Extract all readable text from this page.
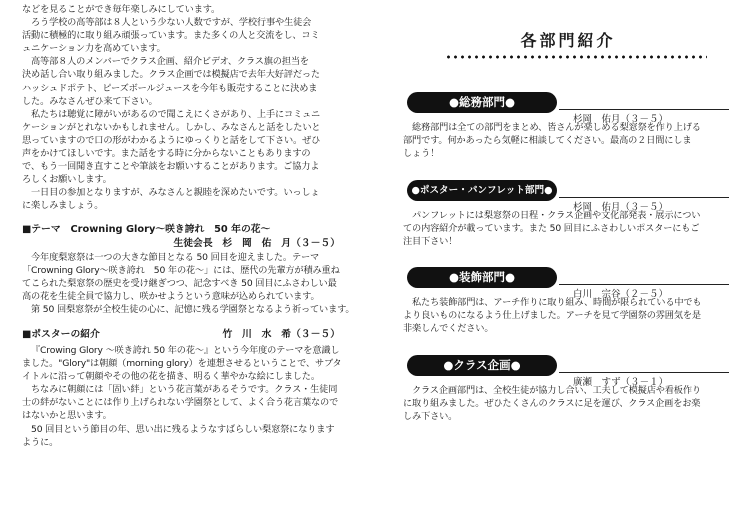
などを見ることができ毎年楽しみにしています。

ろう学校の高等部は８人という少ない人数ですが、学校行事や生徒会

活動に積極的に取り組み頑張っています。また多くの人と交流をし、コミ

ュニケーション力を高めています。

高等部８人のメンバーでクラス企画、紹介ビデオ、クラス旗の担当を

決め話し合い取り組みました。クラス企画では模擬店で去年大好評だった

ハッシュドポテト、ピーズボールジュースを今年も販売することに決めま

した。みなさんぜひ来て下さい。

私たちは聴覚に障がいがあるので聞こえにくさがあり、上手にコミュニ

ケーションがとれないかもしれません。しかし、みなさんと話をしたいと

思っていますので口の形がわかるようにゆっくりと話をして下さい。ぜひ

声をかけてほしいです。また話をする時に分からないこともありますの

で、もう一回聞き直すことや筆談をお願いすることがあります。ご協力よ

ろしくお願いします。

一日目の参加となりますが、みなさんと親睦を深めたいです。いっしょ

に楽しみましょう。

■テーマ　Crowning Glory～咲き誇れ　50 年の花～
生徒会長　杉　岡　佑　月（３－５）

今年度梨窓祭は一つの大きな節目となる 50 回目を迎えました。テーマ

「Crowning Glory～咲き誇れ　50 年の花～」には、歴代の先輩方が積み重ね

てこられた梨窓祭の歴史を受け継ぎつつ、記念すべき 50 回目にふさわしい最

高の花を生徒全員で協力し、咲かせようという意味が込められています。

第 50 回梨窓祭が全校生徒の心に、記憶に残る学園祭となるよう祈っています。

■ポスターの紹介	竹　川　水　希（３－５）

『Crowing Glory ～咲き誇れ 50 年の花～』という今年度のテーマを意識し

ました。"Glory"は朝顔（morning glory）を連想させるということで、サブタ

イトルに沿って朝顔やその他の花を描き、明るく華やかな絵にしました。

ちなみに朝顔には「固い絆」という花言葉があるそうです。クラス・生徒同

士の絆がないことには作り上げられない学園祭として、よく合う花言葉なので

はないかと思います。

50 回目という節目の年、思い出に残るようなすばらしい梨窓祭になります

ように。

各部門紹介
●総務部門●
杉岡　佑月（３－５）

総務部門は全ての部門をまとめ、皆さんが楽しめる梨窓祭を作り上げる

部門です。何かあったら気軽に相談してください。最高の２日間にしま

しょう！

●ポスター・パンフレット部門●
杉岡　佑月（３－５）

パンフレットには梨窓祭の日程・クラス企画や文化部発表・展示につい

ての内容紹介が載っています。また 50 回目にふさわしいポスターにもご

注目下さい！

●装飾部門●
白川　宗谷（２－５）

私たち装飾部門は、アーチ作りに取り組み、時間が限られている中でも

より良いものになるよう仕上げました。アーチを見て学園祭の雰囲気を是

非楽しんでください。

●クラス企画●
廣瀬　すず（３－１）

クラス企画部門は、全校生徒が協力し合い、工夫して模擬店や看板作り

に取り組みました。ぜひたくさんのクラスに足を運び、クラス企画をお楽

しみ下さい。
